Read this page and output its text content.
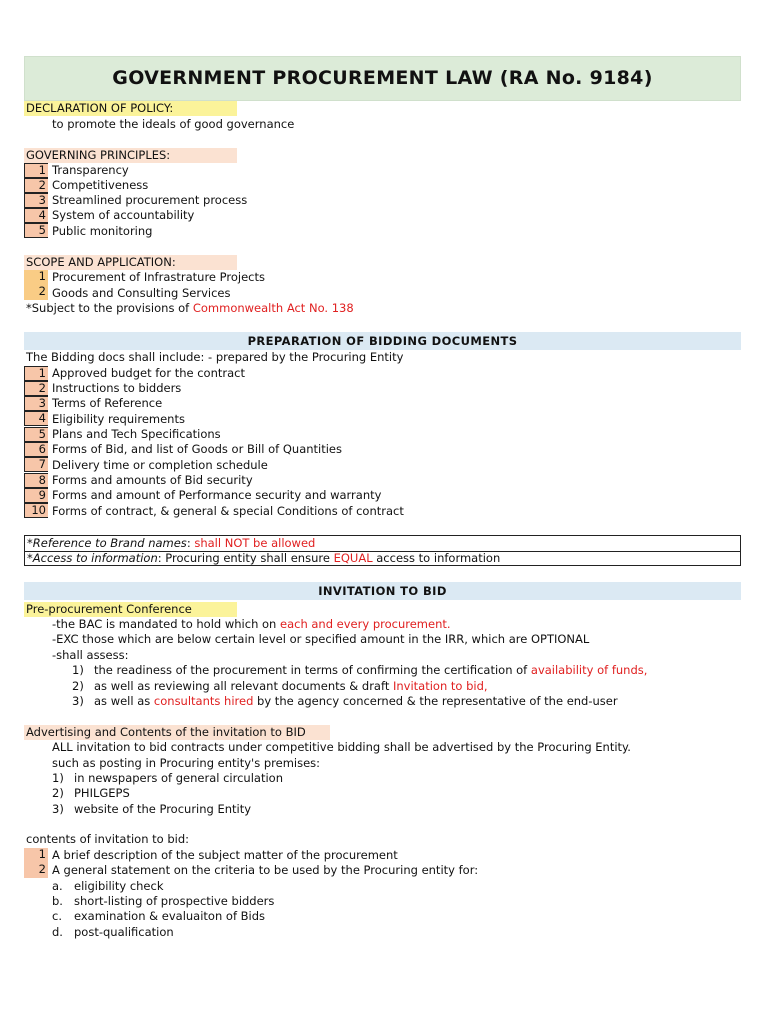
GOVERNMENT PROCUREMENT LAW (RA No. 9184)
DECLARATION OF POLICY:
to promote the ideals of good governance
GOVERNING PRINCIPLES:
1 Transparency
2 Competitiveness
3 Streamlined procurement process
4 System of accountability
5 Public monitoring
SCOPE AND APPLICATION:
1 Procurement of Infrastrature Projects
2 Goods and Consulting Services
*Subject to the provisions of Commonwealth Act No. 138
PREPARATION OF BIDDING DOCUMENTS
The Bidding docs shall include: - prepared by the Procuring Entity
1 Approved budget for the contract
2 Instructions to bidders
3 Terms of Reference
4 Eligibility requirements
5 Plans and Tech Specifications
6 Forms of Bid, and list of Goods or Bill of Quantities
7 Delivery time or completion schedule
8 Forms and amounts of Bid security
9 Forms and amount of Performance security and warranty
10 Forms of contract, & general & special Conditions of contract
*Reference to Brand names: shall NOT be allowed
*Access to information: Procuring entity shall ensure EQUAL access to information
INVITATION TO BID
Pre-procurement Conference
-the BAC is mandated to hold which on each and every procurement.
-EXC those which are below certain level or specified amount in the IRR, which are OPTIONAL
-shall assess:
1) the readiness of the procurement in terms of confirming the certification of availability of funds,
2) as well as reviewing all relevant documents & draft Invitation to bid,
3) as well as consultants hired by the agency concerned & the representative of the end-user
Advertising and Contents of the invitation to BID
ALL invitation to bid contracts under competitive bidding shall be advertised by the Procuring Entity.
such as posting in Procuring entity's premises:
1) in newspapers of general circulation
2) PHILGEPS
3) website of the Procuring Entity
contents of invitation to bid:
1 A brief description of the subject matter of the procurement
2 A general statement on the criteria to be used by the Procuring entity for:
a. eligibility check
b. short-listing of prospective bidders
c. examination & evaluaiton of Bids
d. post-qualification
